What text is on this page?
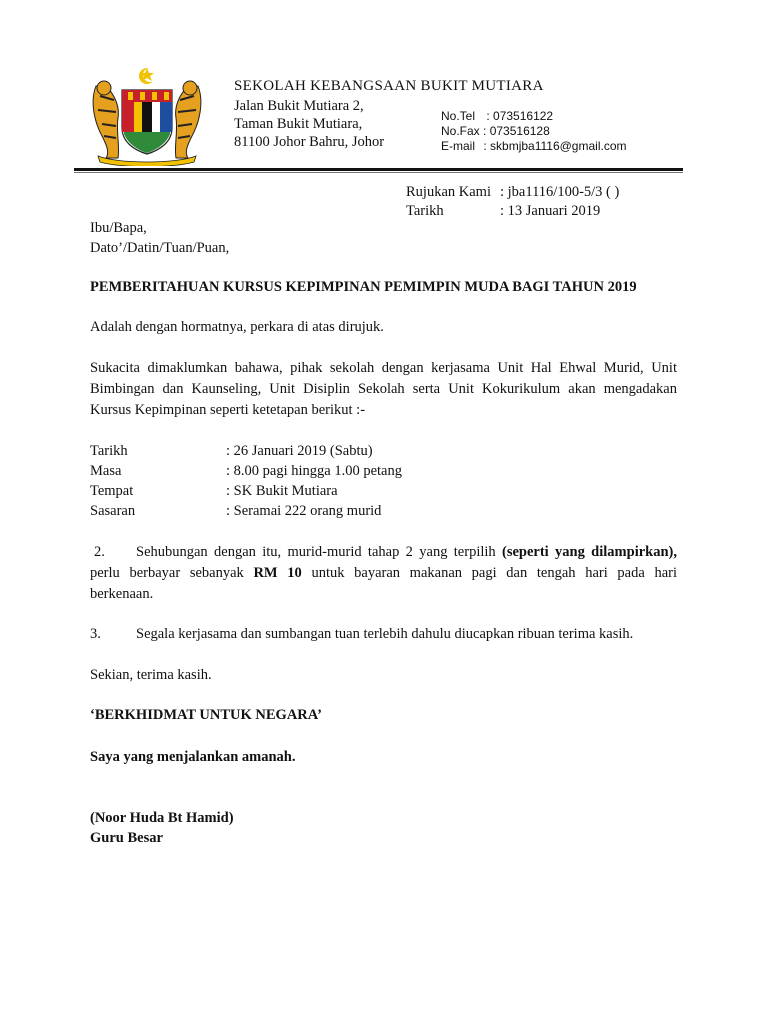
SEKOLAH KEBANGSAAN BUKIT MUTIARA
Jalan Bukit Mutiara 2,
Taman Bukit Mutiara,
81100 Johor Bahru, Johor
No.Tel : 073516122
No.Fax : 073516128
E-mail : skbmjba1116@gmail.com
Rujukan Kami : jba1116/100-5/3 ( )
Tarikh	: 13 Januari 2019
Ibu/Bapa,
Dato’/Datin/Tuan/Puan,
PEMBERITAHUAN KURSUS KEPIMPINAN PEMIMPIN MUDA BAGI TAHUN 2019
Adalah dengan hormatnya, perkara di atas dirujuk.
Sukacita dimaklumkan bahawa, pihak sekolah dengan kerjasama Unit Hal Ehwal Murid, Unit
Bimbingan dan Kaunseling, Unit Disiplin Sekolah serta Unit Kokurikulum akan mengadakan
Kursus Kepimpinan seperti ketetapan berikut :-
Tarikh	: 26 Januari 2019 (Sabtu)
Masa	: 8.00 pagi hingga 1.00 petang
Tempat	: SK Bukit Mutiara
Sasaran	: Seramai 222 orang murid
2. Sehubungan dengan itu, murid-murid tahap 2 yang terpilih (seperti yang dilampirkan),
perlu berbayar sebanyak RM 10 untuk bayaran makanan pagi dan tengah hari pada hari
berkenaan.
3. Segala kerjasama dan sumbangan tuan terlebih dahulu diucapkan ribuan terima kasih.
Sekian, terima kasih.
‘BERKHIDMAT UNTUK NEGARA’
Saya yang menjalankan amanah.
(Noor Huda Bt Hamid)
Guru Besar
